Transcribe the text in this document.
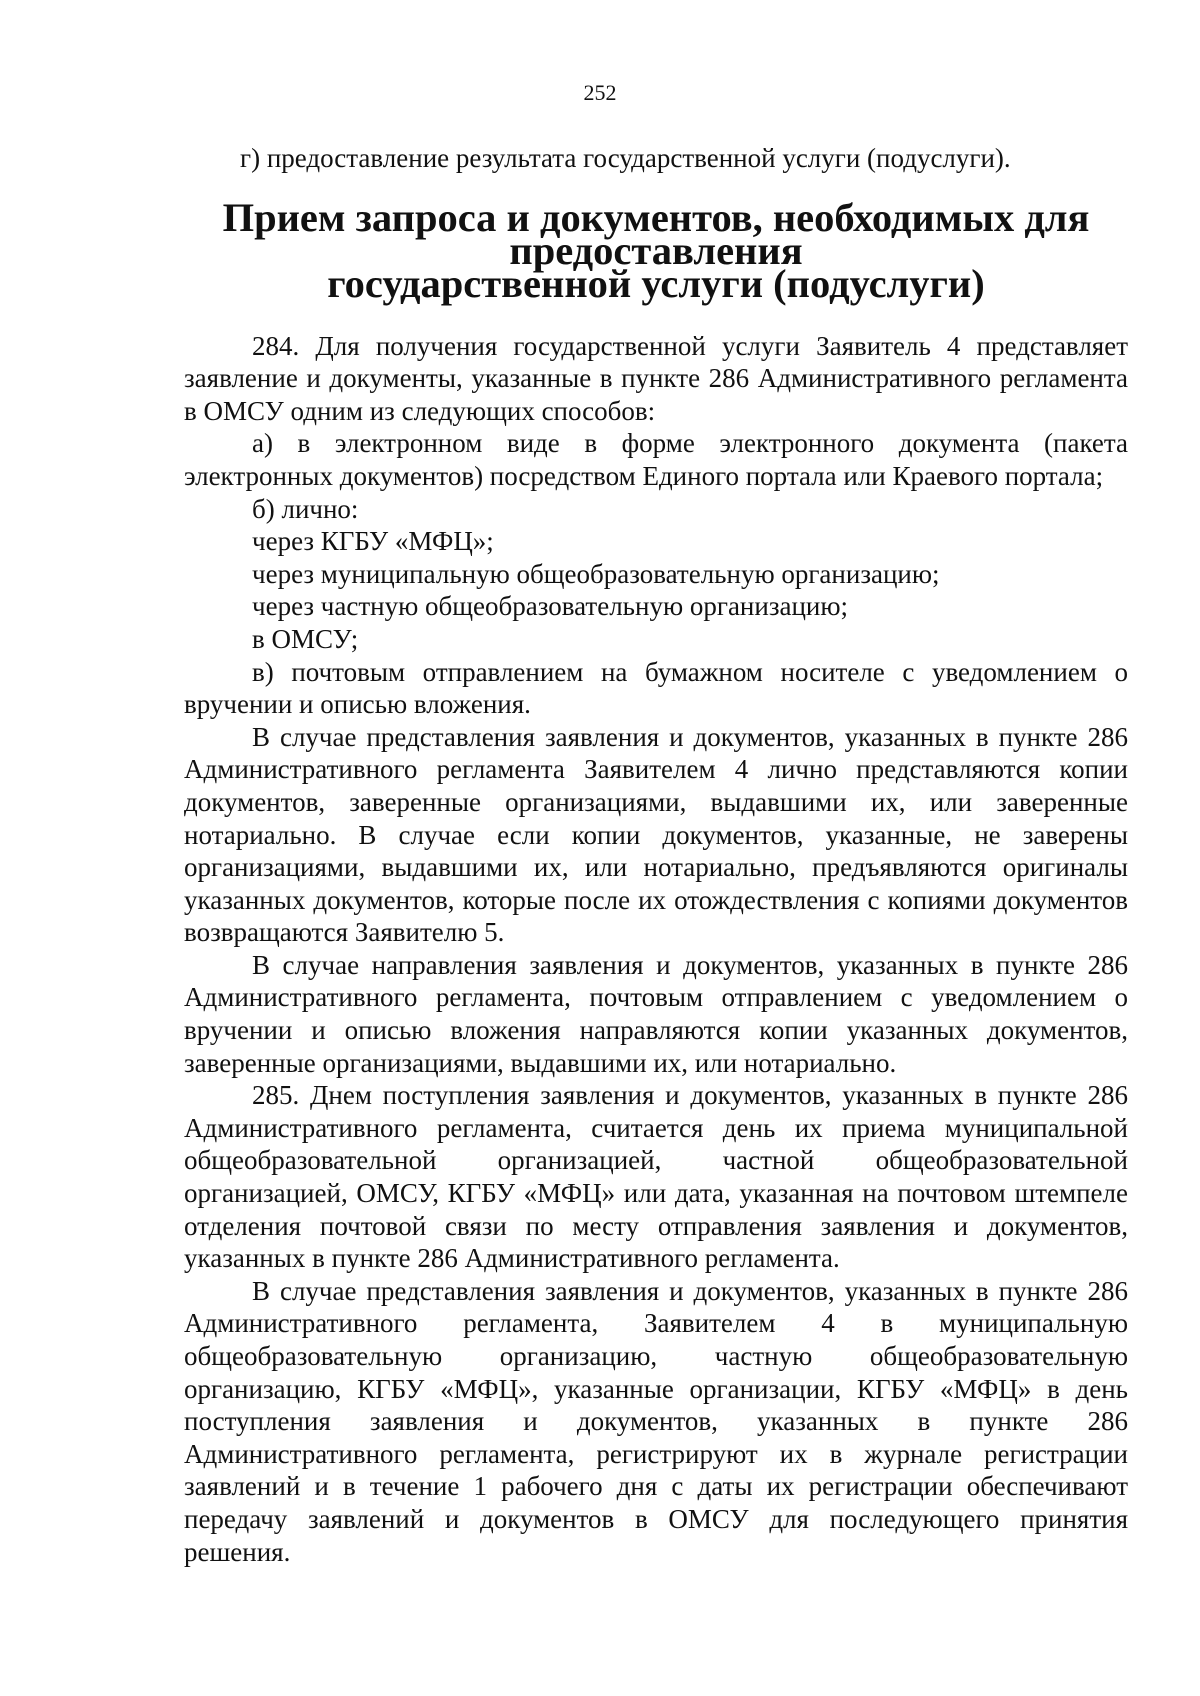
252

г) предоставление результата государственной услуги (подуслуги).

Прием запроса и документов, необходимых для предоставления
государственной услуги (подуслуги)

284. Для получения государственной услуги Заявитель 4 представляет заявление и документы, указанные в пункте 286 Административного регламента в ОМСУ одним из следующих способов:

а) в электронном виде в форме электронного документа (пакета электронных документов) посредством Единого портала или Краевого портала;

б) лично:

через КГБУ «МФЦ»;

через муниципальную общеобразовательную организацию;

через частную общеобразовательную организацию;

в ОМСУ;

в) почтовым отправлением на бумажном носителе с уведомлением о вручении и описью вложения.

В случае представления заявления и документов, указанных в пункте 286 Административного регламента Заявителем 4 лично представляются копии документов, заверенные организациями, выдавшими их, или заверенные нотариально. В случае если копии документов, указанные, не заверены организациями, выдавшими их, или нотариально, предъявляются оригиналы указанных документов, которые после их отождествления с копиями документов возвращаются Заявителю 5.

В случае направления заявления и документов, указанных в пункте 286 Административного регламента, почтовым отправлением с уведомлением о вручении и описью вложения направляются копии указанных документов, заверенные организациями, выдавшими их, или нотариально.

285. Днем поступления заявления и документов, указанных в пункте 286 Административного регламента, считается день их приема муниципальной общеобразовательной организацией, частной общеобразовательной организацией, ОМСУ, КГБУ «МФЦ» или дата, указанная на почтовом штемпеле отделения почтовой связи по месту отправления заявления и документов, указанных в пункте 286 Административного регламента.

В случае представления заявления и документов, указанных в пункте 286 Административного регламента, Заявителем 4 в муниципальную общеобразовательную организацию, частную общеобразовательную организацию, КГБУ «МФЦ», указанные организации, КГБУ «МФЦ» в день поступления заявления и документов, указанных в пункте 286 Административного регламента, регистрируют их в журнале регистрации заявлений и в течение 1 рабочего дня с даты их регистрации обеспечивают передачу заявлений и документов в ОМСУ для последующего принятия решения.
